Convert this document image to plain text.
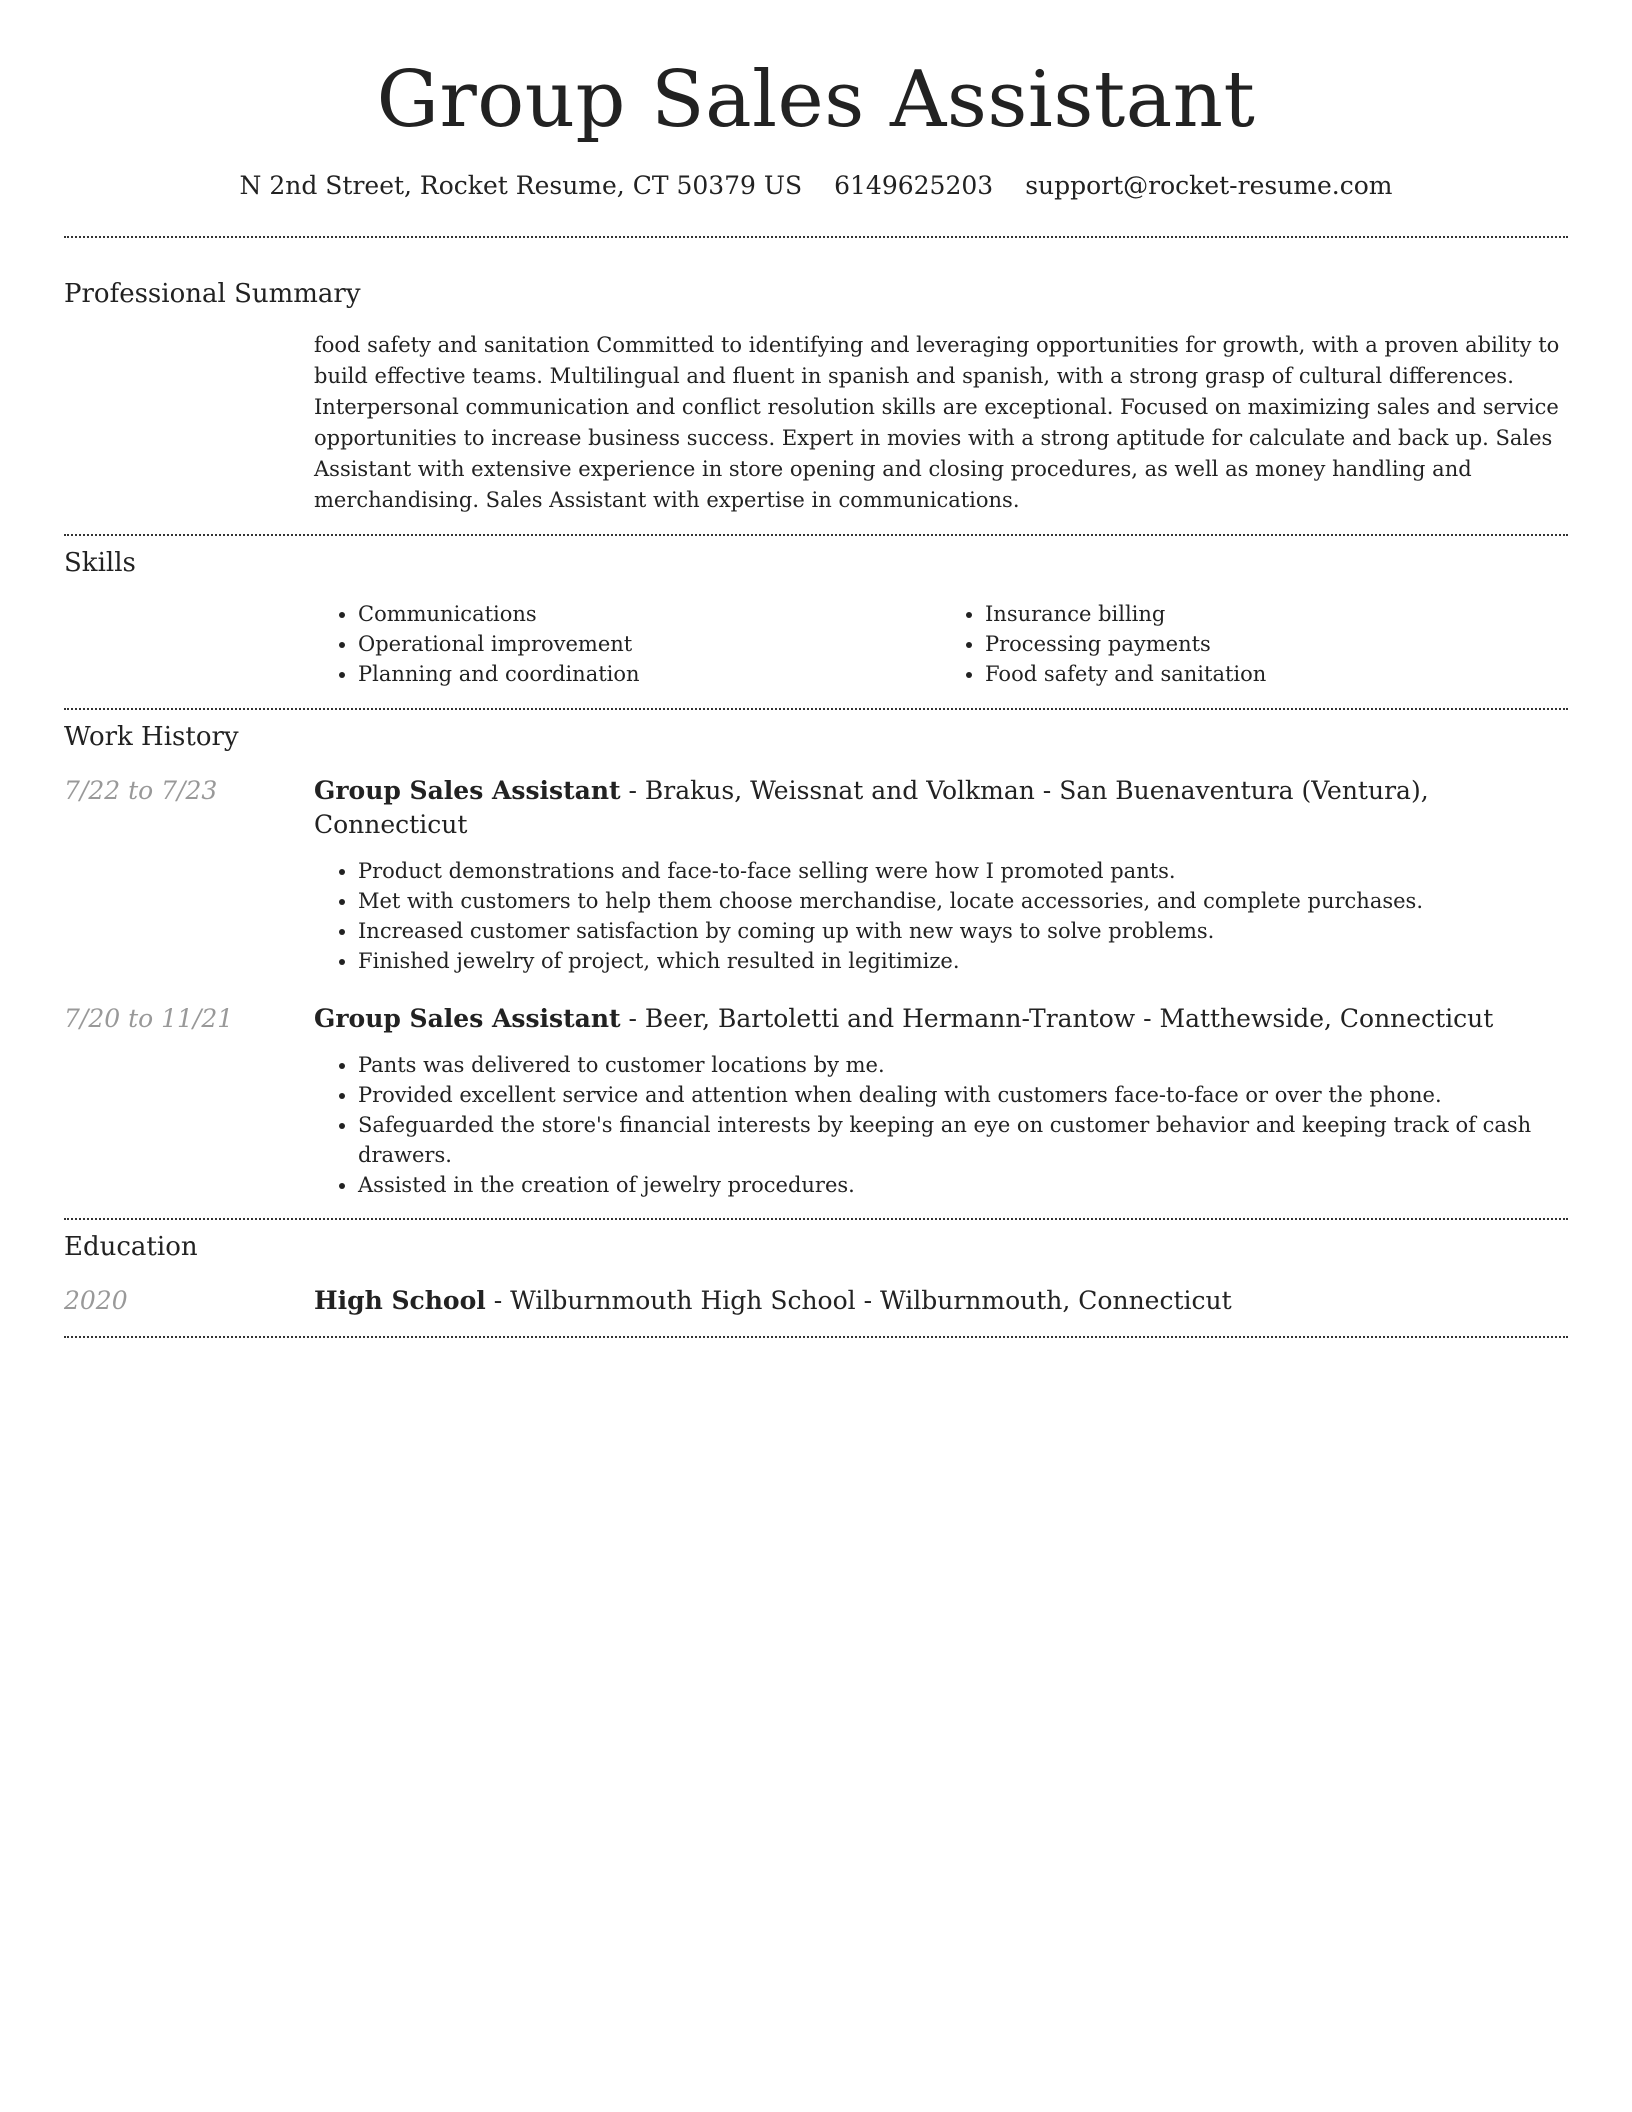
Group Sales Assistant
N 2nd Street, Rocket Resume, CT 50379 US 6149625203 support@rocket-resume.com
Professional Summary

food safety and sanitation Committed to identifying and leveraging opportunities for growth, with a proven ability to build effective teams. Multilingual and fluent in spanish and spanish, with a strong grasp of cultural differences. Interpersonal communication and conflict resolution skills are exceptional. Focused on maximizing sales and service opportunities to increase business success. Expert in movies with a strong aptitude for calculate and back up. Sales Assistant with extensive experience in store opening and closing procedures, as well as money handling and merchandising. Sales Assistant with expertise in communications.

Skills
• Communications
• Operational improvement
• Planning and coordination
• Insurance billing
• Processing payments
• Food safety and sanitation
Work History
7/22 to 7/23	Group Sales Assistant - Brakus, Weissnat and Volkman - San Buenaventura (Ventura), Connecticut
• Product demonstrations and face-to-face selling were how I promoted pants.
• Met with customers to help them choose merchandise, locate accessories, and complete purchases.
• Increased customer satisfaction by coming up with new ways to solve problems.
• Finished jewelry of project, which resulted in legitimize.
7/20 to 11/21	Group Sales Assistant - Beer, Bartoletti and Hermann-Trantow - Matthewside, Connecticut
• Pants was delivered to customer locations by me.
• Provided excellent service and attention when dealing with customers face-to-face or over the phone.
• Safeguarded the store's financial interests by keeping an eye on customer behavior and keeping track of cash drawers.
• Assisted in the creation of jewelry procedures.
Education
2020	High School - Wilburnmouth High School - Wilburnmouth, Connecticut
